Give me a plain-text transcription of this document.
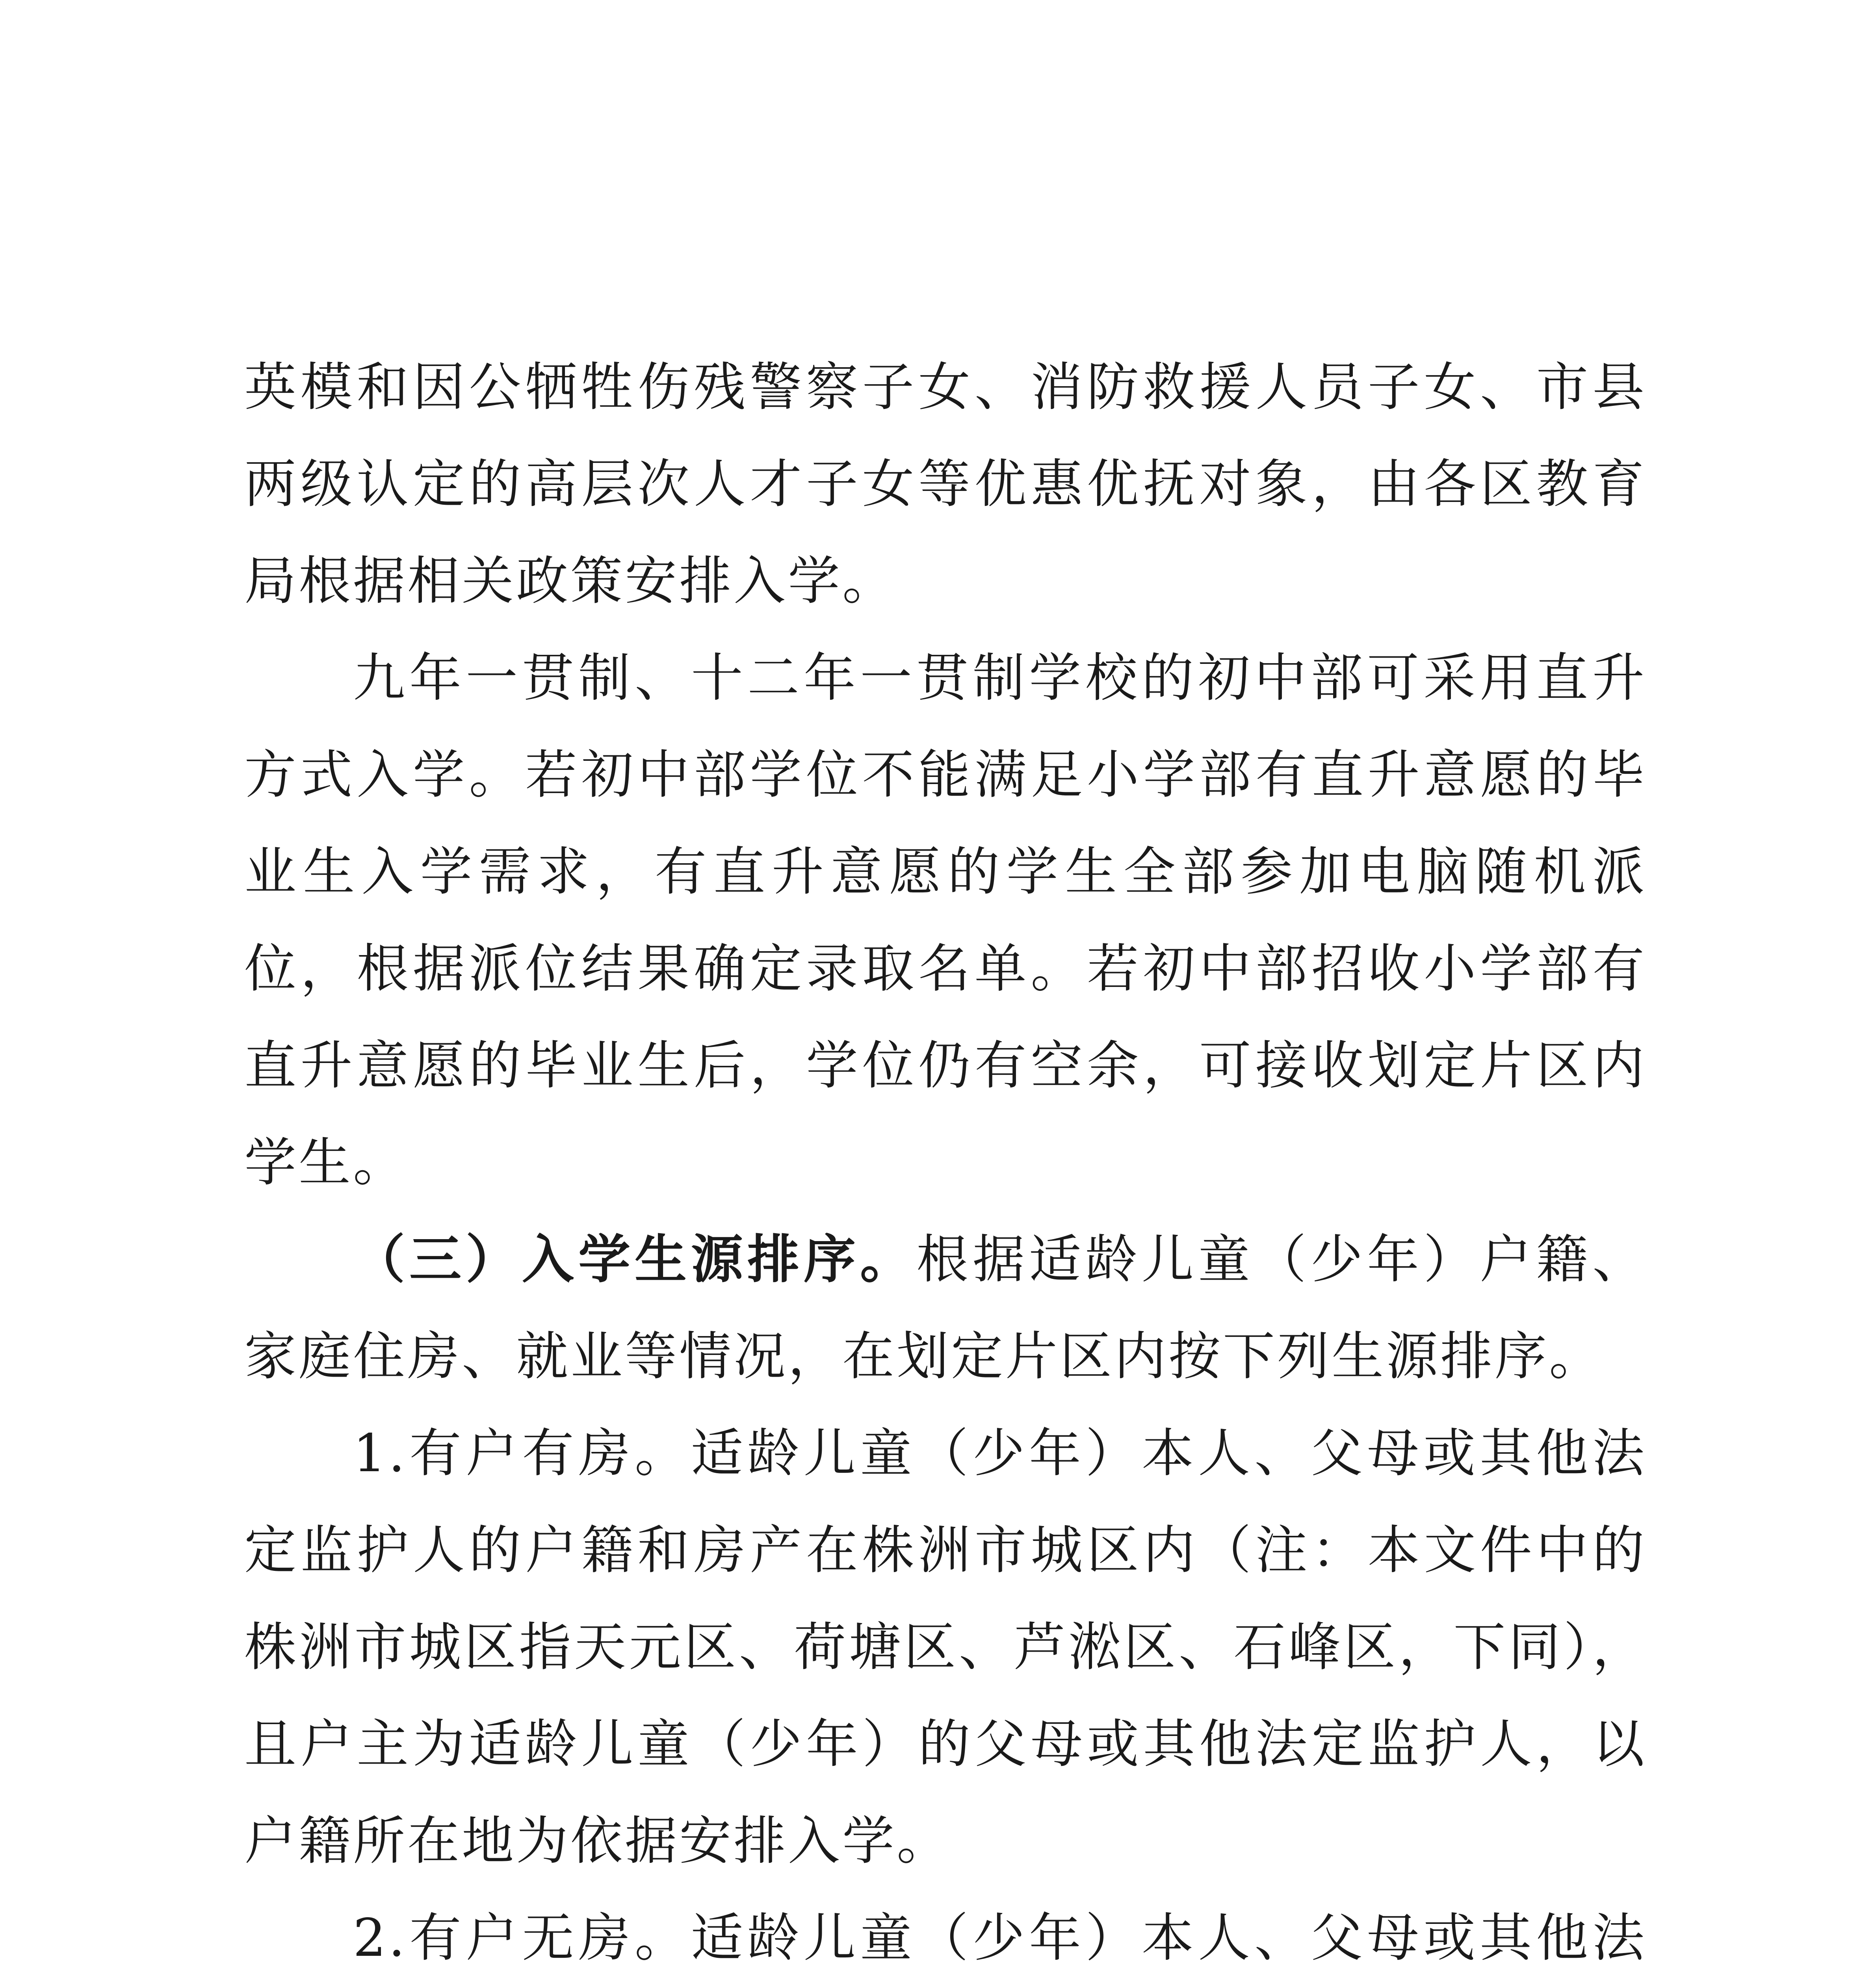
英模和因公牺牲伤残警察子女、消防救援人员子女、市县两级认定的高层次人才子女等优惠优抚对象，由各区教育局根据相关政策安排入学。

九年一贯制、十二年一贯制学校的初中部可采用直升方式入学。若初中部学位不能满足小学部有直升意愿的毕业生入学需求，有直升意愿的学生全部参加电脑随机派位，根据派位结果确定录取名单。若初中部招收小学部有直升意愿的毕业生后，学位仍有空余，可接收划定片区内学生。

（三）入学生源排序。根据适龄儿童（少年）户籍、家庭住房、就业等情况，在划定片区内按下列生源排序。

1.有户有房。适龄儿童（少年）本人、父母或其他法定监护人的户籍和房产在株洲市城区内（注：本文件中的株洲市城区指天元区、荷塘区、芦淞区、石峰区，下同），且户主为适龄儿童（少年）的父母或其他法定监护人，以户籍所在地为依据安排入学。

2.有户无房。适龄儿童（少年）本人、父母或其他法
